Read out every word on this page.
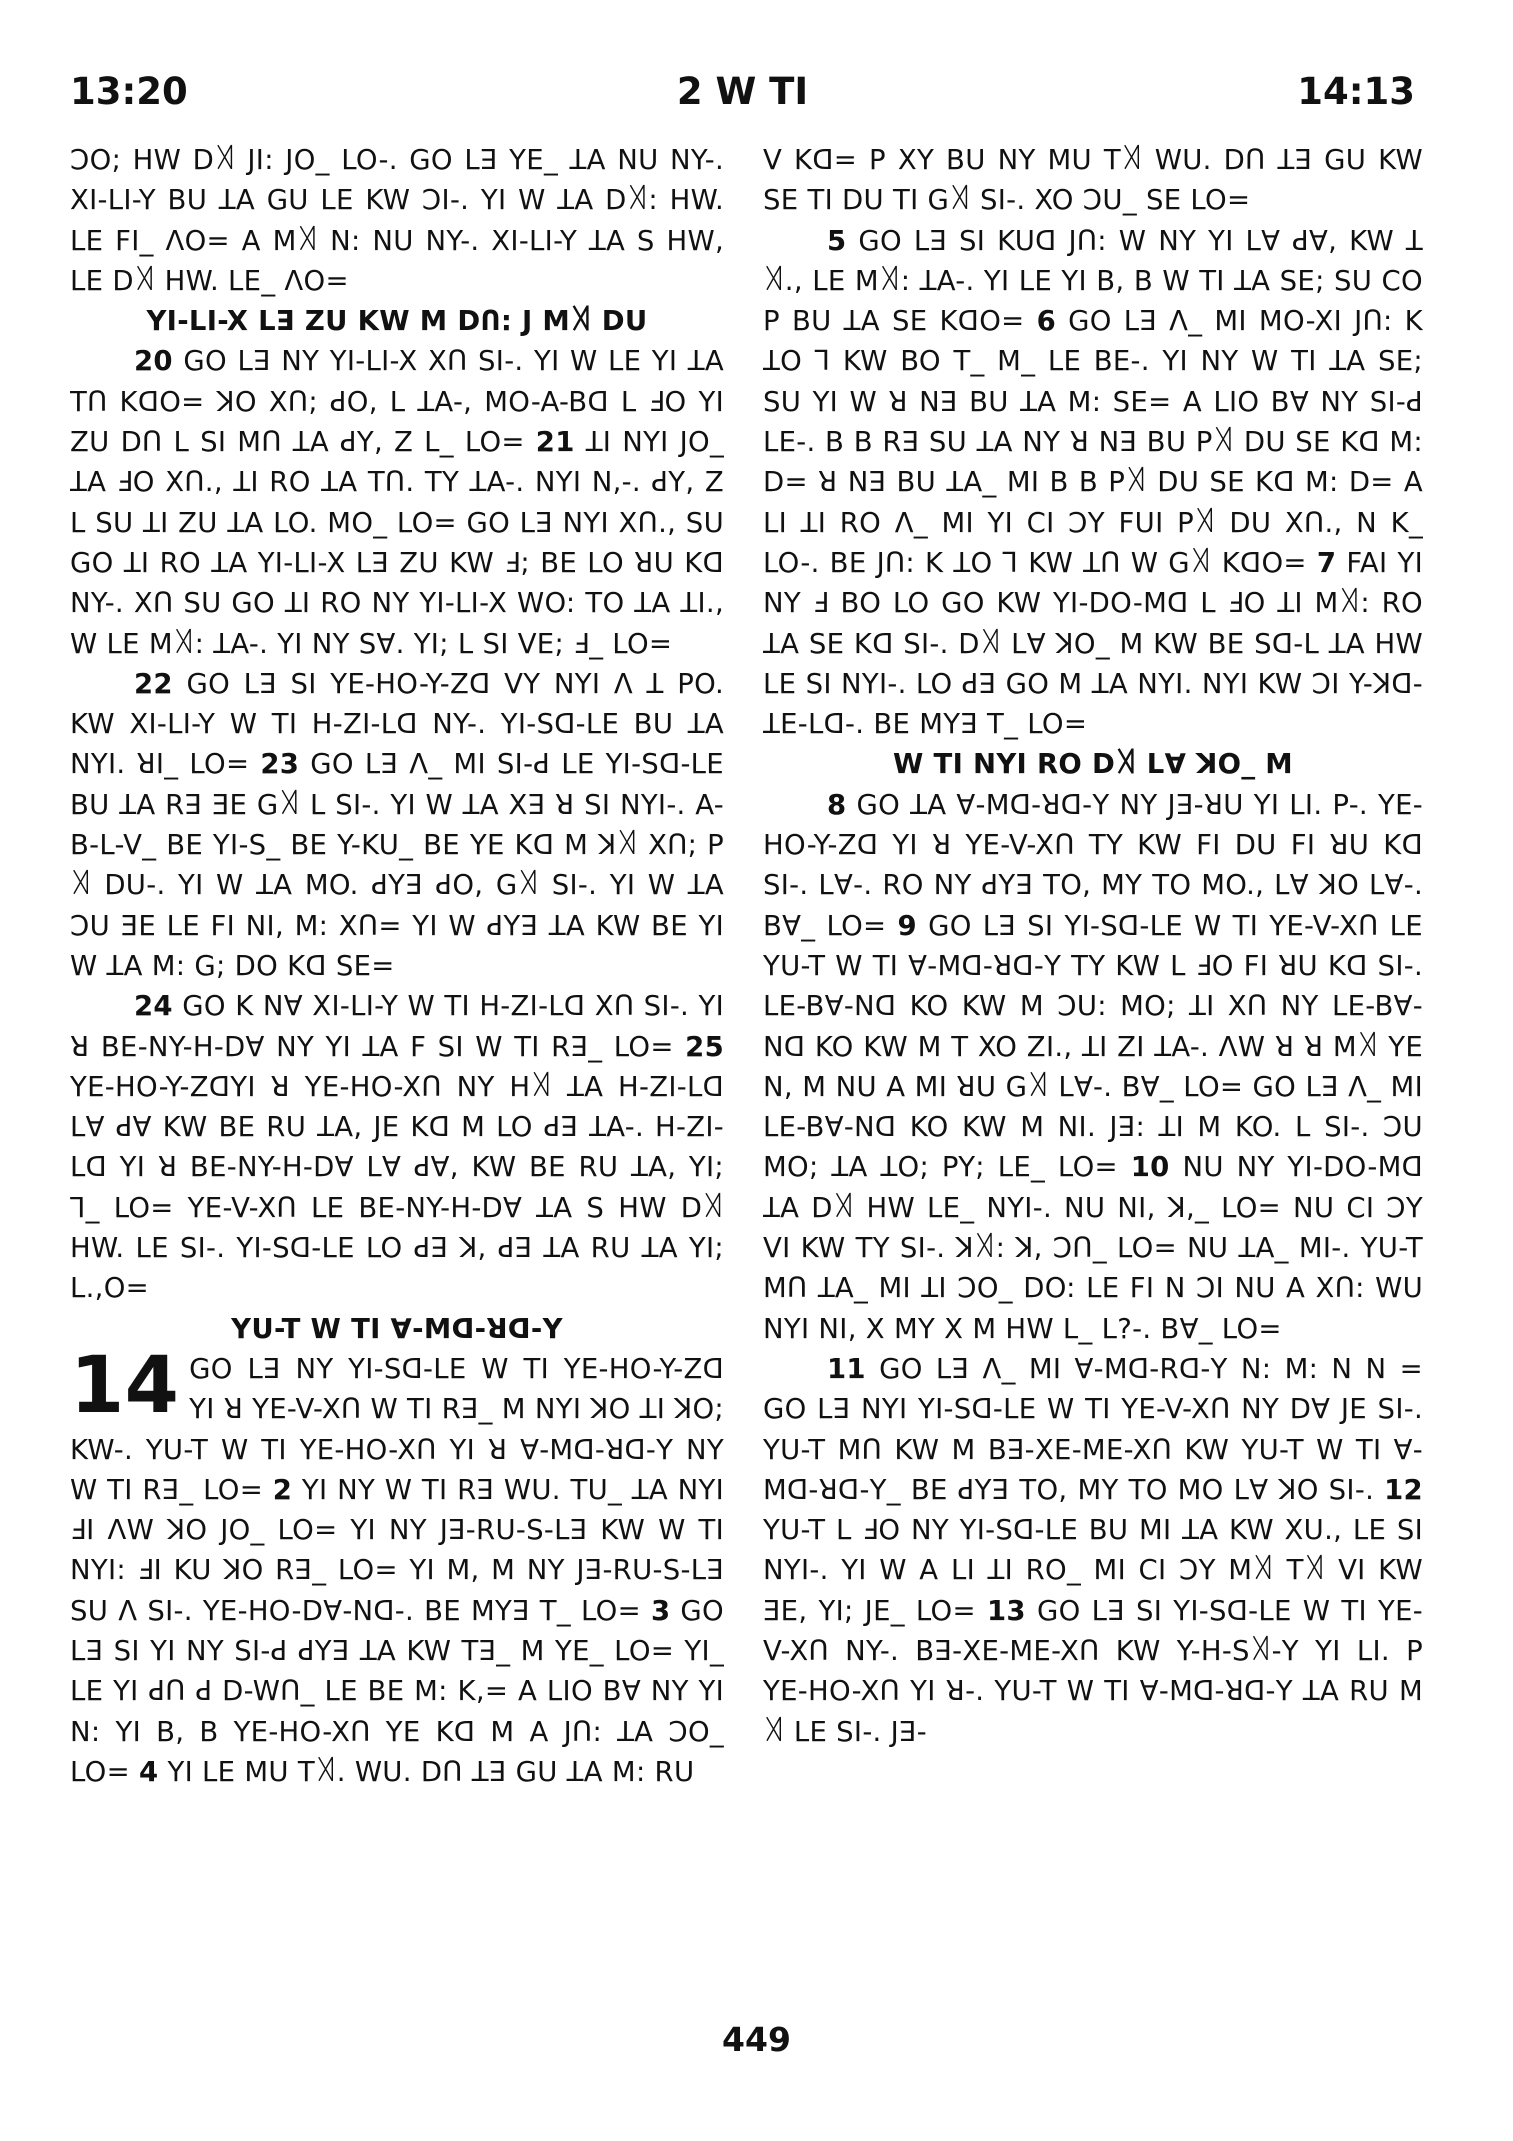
13:20	2 W TI	14:13

ƆO; HW D꓀ JI: JO_ LO-. GO Lꓱ YE_ ꓕA NU NY-. XI-LI-Y BU ꓕA GU LE KW ƆI-. YI W ꓕA D꓀: HW. LE FI_ ꓥO= A M꓀ N: NU NY-. XI-LI-Y ꓕA S HW, LE D꓀ HW. LE_ ꓥO=

YI-LI-X Lꓱ ZU KW M DՈ: J M꓀ DU

20 GO Lꓱ NY YI-LI-X XՈ SI-. YI W LE YI ꓕA TՈ KꓷO= ꓘO XՈ; ꓒO, L ꓕA-, MO-A-Bꓷ L ꓞO YI ZU DՈ L SI MՈ ꓕA ꓒY, Z L_ LO= 21 ꓕI NYI JO_ ꓕA ꓞO XՈ., ꓕI RO ꓕA TՈ. TY ꓕA-. NYI N,-. ꓒY, Z L SU ꓕI ZU ꓕA LO. MO_ LO= GO Lꓱ NYI XՈ., SU GO ꓕI RO ꓕA YI-LI-X Lꓱ ZU KW ꓞ; BE LO ꓤU Kꓷ NY-. XՈ SU GO ꓕI RO NY YI-LI-X WO: TO ꓕA ꓕI., W LE M꓀: ꓕA-. YI NY Sꓯ. YI; L SI VE; ꓞ_ LO=

22 GO Lꓱ SI YE-HO-Y-Zꓷ VY NYI Ʌ ꓕ PO. KW XI-LI-Y W TI H-ZI-Lꓷ NY-. YI-Sꓷ-LE BU ꓕA NYI. ꓤI_ LO= 23 GO Lꓱ Ʌ_ MI SI-ꓒ LE YI-Sꓷ-LE BU ꓕA Rꓱ ƎE G꓀ L SI-. YI W ꓕA Xꓱ ꓤ SI NYI-. A-B-L-V_ BE YI-S_ BE Y-KU_ BE YE Kꓷ M ꓘ꓀ XՈ; P꓀ DU-. YI W ꓕA MO. ꓒYꓱ ꓒO, G꓀ SI-. YI W ꓕA ƆU ƎE LE FI NI, M: XՈ= YI W ꓒYꓱ ꓕA KW BE YI W ꓕA M: G; DO Kꓷ SE=

24 GO K Nꓯ XI-LI-Y W TI H-ZI-Lꓷ XՈ SI-. YI ꓤ BE-NY-H-Dꓯ NY YI ꓕA F SI W TI Rꓱ_ LO= 25 YE-HO-Y-ZꓷYI ꓤ YE-HO-XՈ NY H꓀ ꓕA H-ZI-Lꓷ Lꓯ ꓒꓯ KW BE RU ꓕA, JE Kꓷ M LO ꓒꓱ ꓕA-. H-ZI-Lꓷ YI ꓤ BE-NY-H-Dꓯ Lꓯ ꓒꓯ, KW BE RU ꓕA, YI; Ꞁ_ LO= YE-V-XՈ LE BE-NY-H-Dꓯ ꓕA S HW D꓀ HW. LE SI-. YI-Sꓷ-LE LO ꓒꓱ ꓘ, ꓒꓱ ꓕA RU ꓕA YI; L.,O=

YU-T W TI ꓯ-Mꓷ-ꓤꓷ-Y

14 GO Lꓱ NY YI-Sꓷ-LE W TI YE-HO-Y-Zꓷ YI ꓤ YE-V-XՈ W TI Rꓱ_ M NYI ꓘO ꓕI ꓘO; KW-. YU-T W TI YE-HO-XՈ YI ꓤ ꓯ-Mꓷ-ꓤꓷ-Y NY W TI Rꓱ_ LO= 2 YI NY W TI Rꓱ WU. TU_ ꓕA NYI ꓞI ꓥW ꓘO JO_ LO= YI NY Jꓱ-RU-S-Lꓱ KW W TI NYI: ꓞI KU ꓘO Rꓱ_ LO= YI M, M NY Jꓱ-RU-S-Lꓱ SU Ʌ SI-. YE-HO-Dꓯ-Nꓷ-. BE MYꓱ T_ LO= 3 GO Lꓱ SI YI NY SI-ꓒ ꓒYꓱ ꓕA KW Tꓱ_ M YE_ LO= YI_ LE YI ꓒՈ ꓒ D-WՈ_ LE BE M: K,= A LIO Bꓯ NY YI N: YI B, B YE-HO-XՈ YE Kꓷ M A JՈ: ꓕA ƆO_ LO= 4 YI LE MU T꓀. WU. DՈ ꓕꓱ GU ꓕA M: RU

V Kꓷ= P XY BU NY MU T꓀ WU. DՈ ꓕꓱ GU KW SE TI DU TI G꓀ SI-. XO ƆU_ SE LO=

5 GO Lꓱ SI KUꓷ JՈ: W NY YI Lꓯ ꓒꓯ, KW ꓕ꓀., LE M꓀: ꓕA-. YI LE YI B, B W TI ꓕA SE; SU CO P BU ꓕA SE KꓷO= 6 GO Lꓱ Ʌ_ MI MO-XI JՈ: K ꓕO ꓶ KW BO T_ M_ LE BE-. YI NY W TI ꓕA SE; SU YI W ꓤ Nꓱ BU ꓕA M: SE= A LIO Bꓯ NY SI-ꓒ LE-. B B Rꓱ SU ꓕA NY ꓤ Nꓱ BU P꓀ DU SE Kꓷ M: D= ꓤ Nꓱ BU ꓕA_ MI B B P꓀ DU SE Kꓷ M: D= A LI ꓕI RO Ʌ_ MI YI CI ƆY FUI P꓀ DU XՈ., N K_ LO-. BE JՈ: K ꓕO ꓶ KW ꓕՈ W G꓀ KꓷO= 7 FAI YI NY ꓞ BO LO GO KW YI-DO-Mꓷ L ꓞO ꓕI M꓀: RO ꓕA SE Kꓷ SI-. D꓀ Lꓯ ꓘO_ M KW BE Sꓷ-L ꓕA HW LE SI NYI-. LO ꓒꓱ GO M ꓕA NYI. NYI KW ƆI Y-ꓘꓷ-ꓕE-Lꓷ-. BE MYꓱ T_ LO=

W TI NYI RO D꓀ Lꓯ ꓘO_ M

8 GO ꓕA ꓯ-Mꓷ-ꓤꓷ-Y NY Jꓱ-ꓤU YI LI. P-. YE-HO-Y-Zꓷ YI ꓤ YE-V-XՈ TY KW FI DU FI ꓤU Kꓷ SI-. Lꓯ-. RO NY ꓒYꓱ TO, MY TO MO., Lꓯ ꓘO Lꓯ-. Bꓯ_ LO= 9 GO Lꓱ SI YI-Sꓷ-LE W TI YE-V-XՈ LE YU-T W TI ꓯ-Mꓷ-ꓤꓷ-Y TY KW L ꓞO FI ꓤU Kꓷ SI-. LE-Bꓯ-Nꓷ KO KW M ƆU: MO; ꓕI XՈ NY LE-Bꓯ-Nꓷ KO KW M T XO ZI., ꓕI ZI ꓕA-. ꓥW ꓤ ꓤ M꓀ YE N, M NU A MI ꓤU G꓀ Lꓯ-. Bꓯ_ LO= GO Lꓱ Ʌ_ MI LE-Bꓯ-Nꓷ KO KW M NI. Jꓱ: ꓕI M KO. L SI-. ƆU MO; ꓕA ꓕO; PY; LE_ LO= 10 NU NY YI-DO-Mꓷ ꓕA D꓀ HW LE_ NYI-. NU NI, ꓘ,_ LO= NU CI ƆY VI KW TY SI-. ꓘ꓀: ꓘ, ƆՈ_ LO= NU ꓕA_ MI-. YU-T MՈ ꓕA_ MI ꓕI ƆO_ DO: LE FI N ƆI NU A XՈ: WU NYI NI, X MY X M HW L_ L?-. Bꓯ_ LO=

11 GO Lꓱ Ʌ_ MI ꓯ-Mꓷ-Rꓷ-Y N: M: N N = GO Lꓱ NYI YI-Sꓷ-LE W TI YE-V-XՈ NY Dꓯ JE SI-. YU-T MՈ KW M Bꓱ-XE-ME-XՈ KW YU-T W TI ꓯ-Mꓷ-ꓤꓷ-Y_ BE ꓒYꓱ TO, MY TO MO Lꓯ ꓘO SI-. 12 YU-T L ꓞO NY YI-Sꓷ-LE BU MI ꓕA KW XU., LE SI NYI-. YI W A LI ꓕI RO_ MI CI ƆY M꓀ T꓀ VI KW ƎE, YI; JE_ LO= 13 GO Lꓱ SI YI-Sꓷ-LE W TI YE-V-XՈ NY-. Bꓱ-XE-ME-XՈ KW Y-H-S꓀-Y YI LI. P YE-HO-XՈ YI ꓤ-. YU-T W TI ꓯ-Mꓷ-ꓤꓷ-Y ꓕA RU M꓀ LE SI-. Jꓱ-

449
